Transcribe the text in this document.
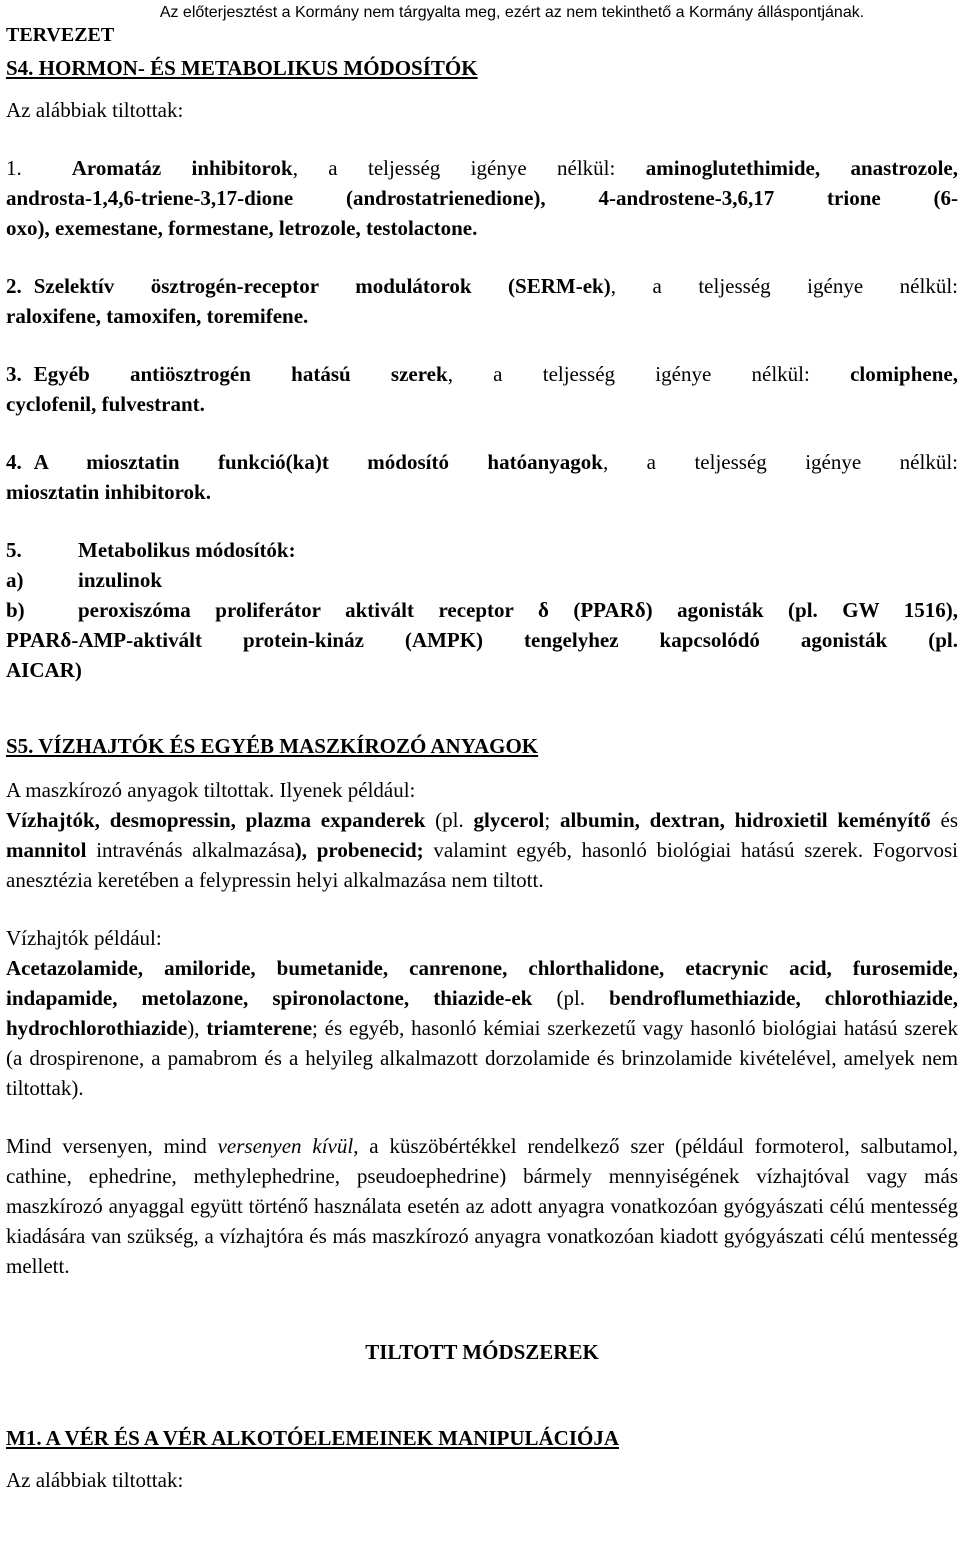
Az előterjesztést a Kormány nem tárgyalta meg, ezért az nem tekinthető a Kormány álláspontjának.
TERVEZET
S4. HORMON- ÉS METABOLIKUS MÓDOSÍTÓK
Az alábbiak tiltottak:
1. Aromatáz inhibitorok, a teljesség igénye nélkül: aminoglutethimide, anastrozole,
androsta-1,4,6-triene-3,17-dione (androstatrienedione), 4-androstene-3,6,17 trione (6-
oxo), exemestane, formestane, letrozole, testolactone.
2. Szelektív ösztrogén-receptor modulátorok (SERM-ek), a teljesség igénye nélkül:
raloxifene, tamoxifen, toremifene.
3. Egyéb antiösztrogén hatású szerek, a teljesség igénye nélkül: clomiphene,
cyclofenil, fulvestrant.
4. A miosztatin funkció(ka)t módosító hatóanyagok, a teljesség igénye nélkül:
miosztatin inhibitorok.
5.	Metabolikus módosítók:
a)	inzulinok
b)	peroxiszóma proliferátor aktivált receptor δ (PPARδ) agonisták (pl. GW 1516),
PPARδ-AMP-aktivált protein-kináz (AMPK) tengelyhez kapcsolódó agonisták (pl.
AICAR)
S5. VÍZHAJTÓK ÉS EGYÉB MASZKÍROZÓ ANYAGOK
A maszkírozó anyagok tiltottak. Ilyenek például:

Vízhajtók, desmopressin, plazma expanderek (pl. glycerol; albumin, dextran, hidroxietil keményítő és mannitol intravénás alkalmazása), probenecid; valamint egyéb, hasonló biológiai hatású szerek. Fogorvosi anesztézia keretében a felypressin helyi alkalmazása nem tiltott.

Vízhajtók például:

Acetazolamide, amiloride, bumetanide, canrenone, chlorthalidone, etacrynic acid, furosemide, indapamide, metolazone, spironolactone, thiazide-ek (pl. bendroflumethiazide, chlorothiazide, hydrochlorothiazide), triamterene; és egyéb, hasonló kémiai szerkezetű vagy hasonló biológiai hatású szerek (a drospirenone, a pamabrom és a helyileg alkalmazott dorzolamide és brinzolamide kivételével, amelyek nem tiltottak).

Mind versenyen, mind versenyen kívül, a küszöbértékkel rendelkező szer (például formoterol, salbutamol, cathine, ephedrine, methylephedrine, pseudoephedrine) bármely mennyiségének vízhajtóval vagy más maszkírozó anyaggal együtt történő használata esetén az adott anyagra vonatkozóan gyógyászati célú mentesség kiadására van szükség, a vízhajtóra és más maszkírozó anyagra vonatkozóan kiadott gyógyászati célú mentesség mellett.

TILTOTT MÓDSZEREK
M1. A VÉR ÉS A VÉR ALKOTÓELEMEINEK MANIPULÁCIÓJA
Az alábbiak tiltottak:
